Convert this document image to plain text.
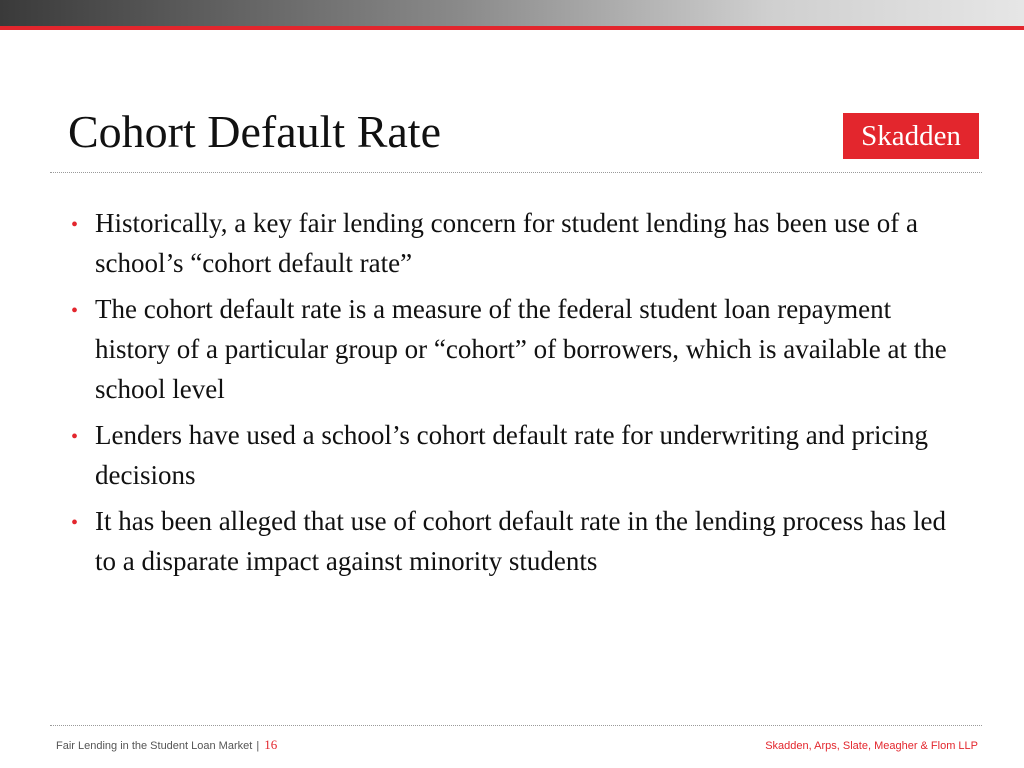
Cohort Default Rate	Skadden
• Historically, a key fair lending concern for student lending has been use of a school’s “cohort default rate”
• The cohort default rate is a measure of the federal student loan repayment history of a particular group or “cohort” of borrowers, which is available at the school level
• Lenders have used a school’s cohort default rate for underwriting and pricing decisions
• It has been alleged that use of cohort default rate in the lending process has led to a disparate impact against minority students
Fair Lending in the Student Loan Market | 16	Skadden, Arps, Slate, Meagher & Flom LLP
